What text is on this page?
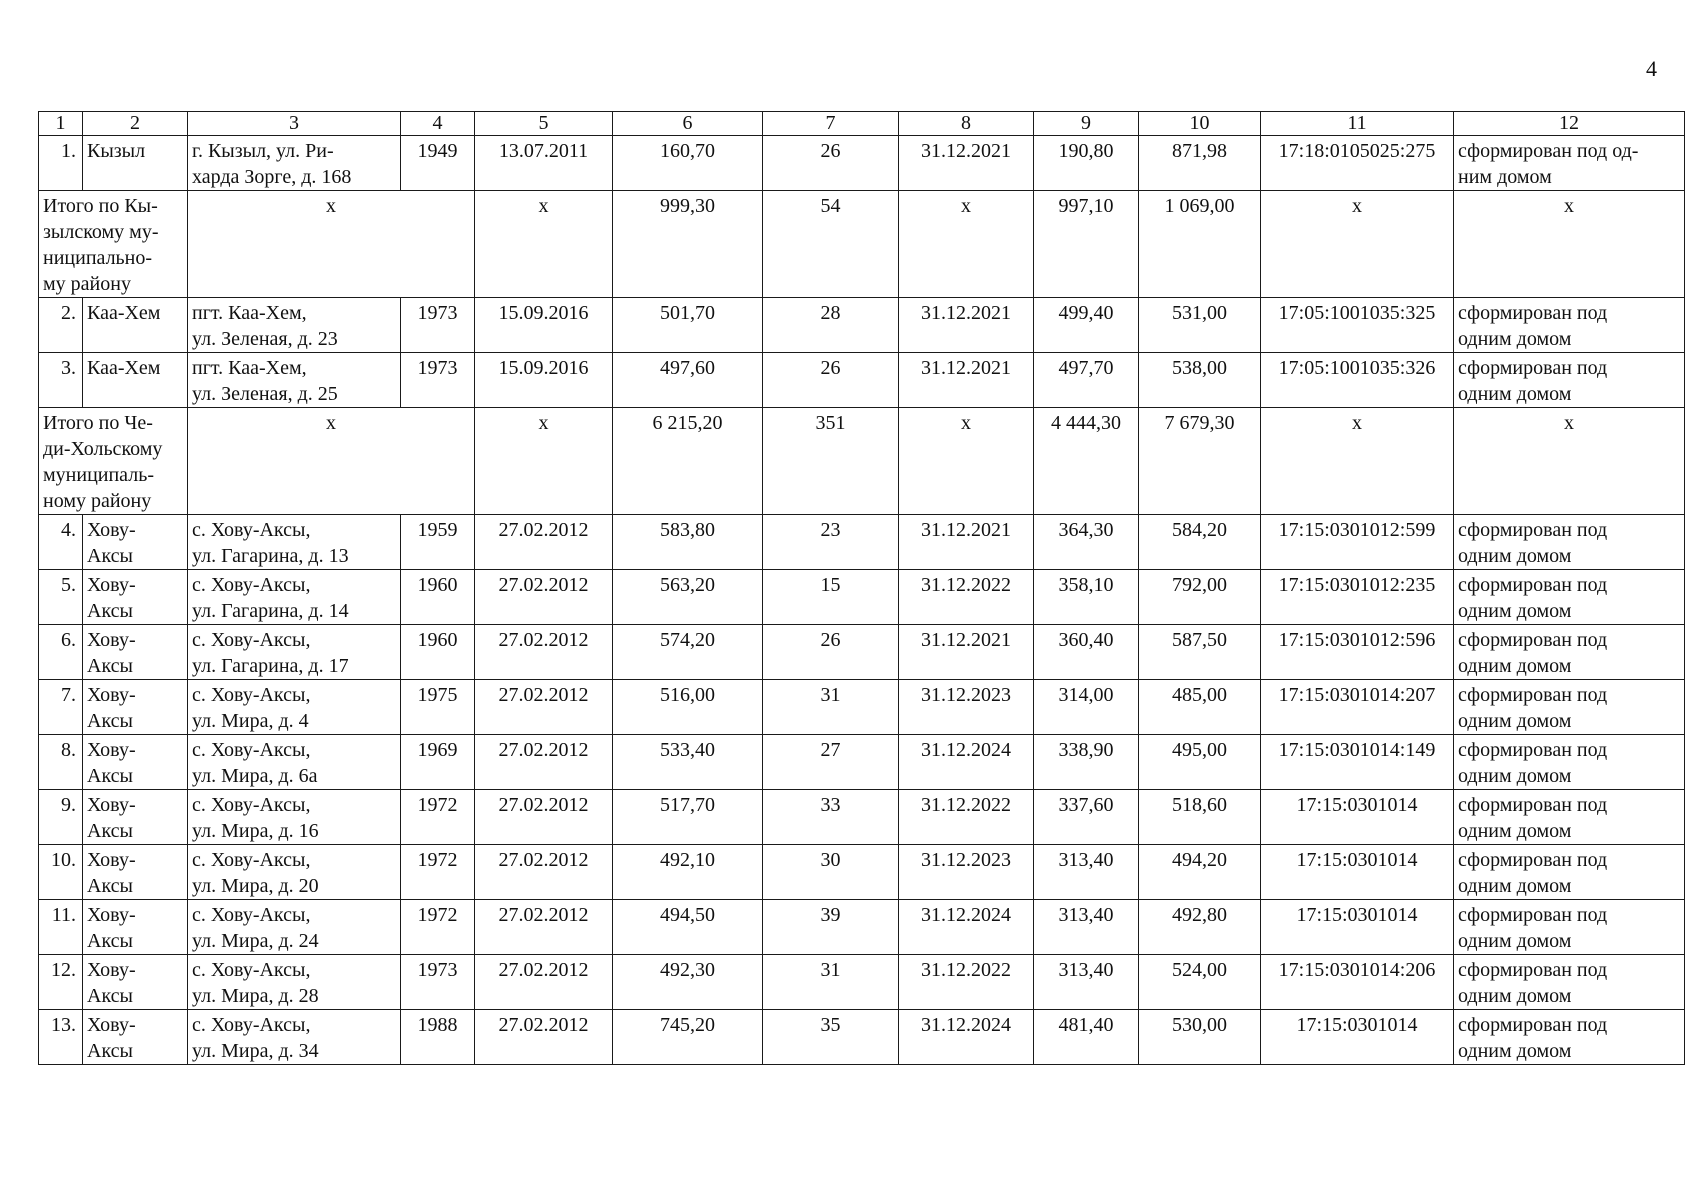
4
1	2	3	4	5	6	7	8	9	10	11	12
1.	Кызыл	г. Кызыл, ул. Ри-
харда Зорге, д. 168	1949	13.07.2011	160,70	26	31.12.2021	190,80	871,98	17:18:0105025:275	сформирован под од-
ним домом
Итого по Кы-
зылскому му-
ниципально-
му району		х		х	999,30	54	х	997,10	1 069,00	х	х
2.	Каа-Хем	пгт. Каа-Хем,
ул. Зеленая, д. 23	1973	15.09.2016	501,70	28	31.12.2021	499,40	531,00	17:05:1001035:325	сформирован под
одним домом
3.	Каа-Хем	пгт. Каа-Хем,
ул. Зеленая, д. 25	1973	15.09.2016	497,60	26	31.12.2021	497,70	538,00	17:05:1001035:326	сформирован под
одним домом
Итого по Че-
ди-Хольскому
муниципаль-
ному району		х		х	6 215,20	351	х	4 444,30	7 679,30	х	х
4.	Хову-
Аксы	с. Хову-Аксы,
ул. Гагарина, д. 13	1959	27.02.2012	583,80	23	31.12.2021	364,30	584,20	17:15:0301012:599	сформирован под
одним домом
5.	Хову-
Аксы	с. Хову-Аксы,
ул. Гагарина, д. 14	1960	27.02.2012	563,20	15	31.12.2022	358,10	792,00	17:15:0301012:235	сформирован под
одним домом
6.	Хову-
Аксы	с. Хову-Аксы,
ул. Гагарина, д. 17	1960	27.02.2012	574,20	26	31.12.2021	360,40	587,50	17:15:0301012:596	сформирован под
одним домом
7.	Хову-
Аксы	с. Хову-Аксы,
ул. Мира, д. 4	1975	27.02.2012	516,00	31	31.12.2023	314,00	485,00	17:15:0301014:207	сформирован под
одним домом
8.	Хову-
Аксы	с. Хову-Аксы,
ул. Мира, д. 6а	1969	27.02.2012	533,40	27	31.12.2024	338,90	495,00	17:15:0301014:149	сформирован под
одним домом
9.	Хову-
Аксы	с. Хову-Аксы,
ул. Мира, д. 16	1972	27.02.2012	517,70	33	31.12.2022	337,60	518,60	17:15:0301014	сформирован под
одним домом
10.	Хову-
Аксы	с. Хову-Аксы,
ул. Мира, д. 20	1972	27.02.2012	492,10	30	31.12.2023	313,40	494,20	17:15:0301014	сформирован под
одним домом
11.	Хову-
Аксы	с. Хову-Аксы,
ул. Мира, д. 24	1972	27.02.2012	494,50	39	31.12.2024	313,40	492,80	17:15:0301014	сформирован под
одним домом
12.	Хову-
Аксы	с. Хову-Аксы,
ул. Мира, д. 28	1973	27.02.2012	492,30	31	31.12.2022	313,40	524,00	17:15:0301014:206	сформирован под
одним домом
13.	Хову-
Аксы	с. Хову-Аксы,
ул. Мира, д. 34	1988	27.02.2012	745,20	35	31.12.2024	481,40	530,00	17:15:0301014	сформирован под
одним домом
